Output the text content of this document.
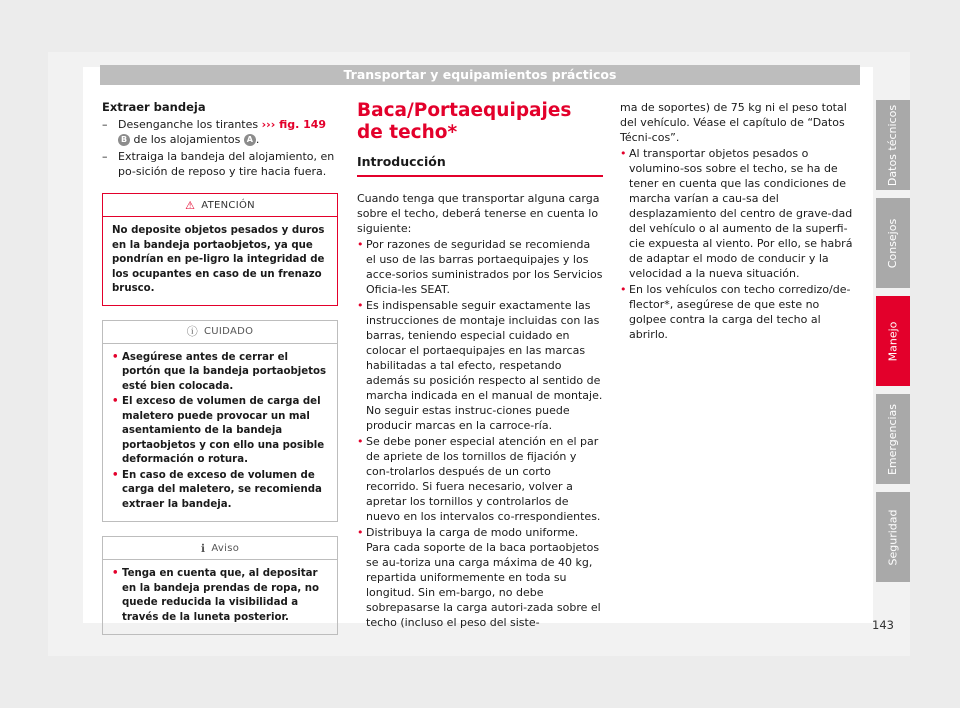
Transportar y equipamientos prácticos
Extraer bandeja
– Desenganche los tirantes ››› fig. 149 B de los alojamientos A .
– Extraiga la bandeja del alojamiento, en po-sición de reposo y tire hacia fuera.
⚠ ATENCIÓN
No deposite objetos pesados y duros en la bandeja portaobjetos, ya que pondrían en pe-ligro la integridad de los ocupantes en caso de un frenazo brusco.
ⓘ CUIDADO
• Asegúrese antes de cerrar el portón que la bandeja portaobjetos esté bien colocada.
• El exceso de volumen de carga del maletero puede provocar un mal asentamiento de la bandeja portaobjetos y con ello una posible deformación o rotura.
• En caso de exceso de volumen de carga del maletero, se recomienda extraer la bandeja.
ℹ Aviso
• Tenga en cuenta que, al depositar en la bandeja prendas de ropa, no quede reducida la visibilidad a través de la luneta posterior.
Baca/Portaequipajes de techo*
Introducción

Cuando tenga que transportar alguna carga sobre el techo, deberá tenerse en cuenta lo siguiente:

• Por razones de seguridad se recomienda el uso de las barras portaequipajes y los acce-sorios suministrados por los Servicios Oficia-les SEAT.
• Es indispensable seguir exactamente las instrucciones de montaje incluidas con las barras, teniendo especial cuidado en colocar el portaequipajes en las marcas habilitadas a tal efecto, respetando además su posición respecto al sentido de marcha indicada en el manual de montaje. No seguir estas instruc-ciones puede producir marcas en la carroce-ría.
• Se debe poner especial atención en el par de apriete de los tornillos de fijación y con-trolarlos después de un corto recorrido. Si fuera necesario, volver a apretar los tornillos y controlarlos de nuevo en los intervalos co-rrespondientes.
• Distribuya la carga de modo uniforme. Para cada soporte de la baca portaobjetos se au-toriza una carga máxima de 40 kg, repartida uniformemente en toda su longitud. Sin em-bargo, no debe sobrepasarse la carga autori-zada sobre el techo (incluso el peso del siste-

ma de soportes) de 75 kg ni el peso total del vehículo. Véase el capítulo de “Datos Técni-cos”.

• Al transportar objetos pesados o volumino-sos sobre el techo, se ha de tener en cuenta que las condiciones de marcha varían a cau-sa del desplazamiento del centro de grave-dad del vehículo o al aumento de la superfi-cie expuesta al viento. Por ello, se habrá de adaptar el modo de conducir y la velocidad a la nueva situación.
• En los vehículos con techo corredizo/de-flector*, asegúrese de que este no golpee contra la carga del techo al abrirlo.
Datos técnicos
Consejos
Manejo
Emergencias
Seguridad
143
